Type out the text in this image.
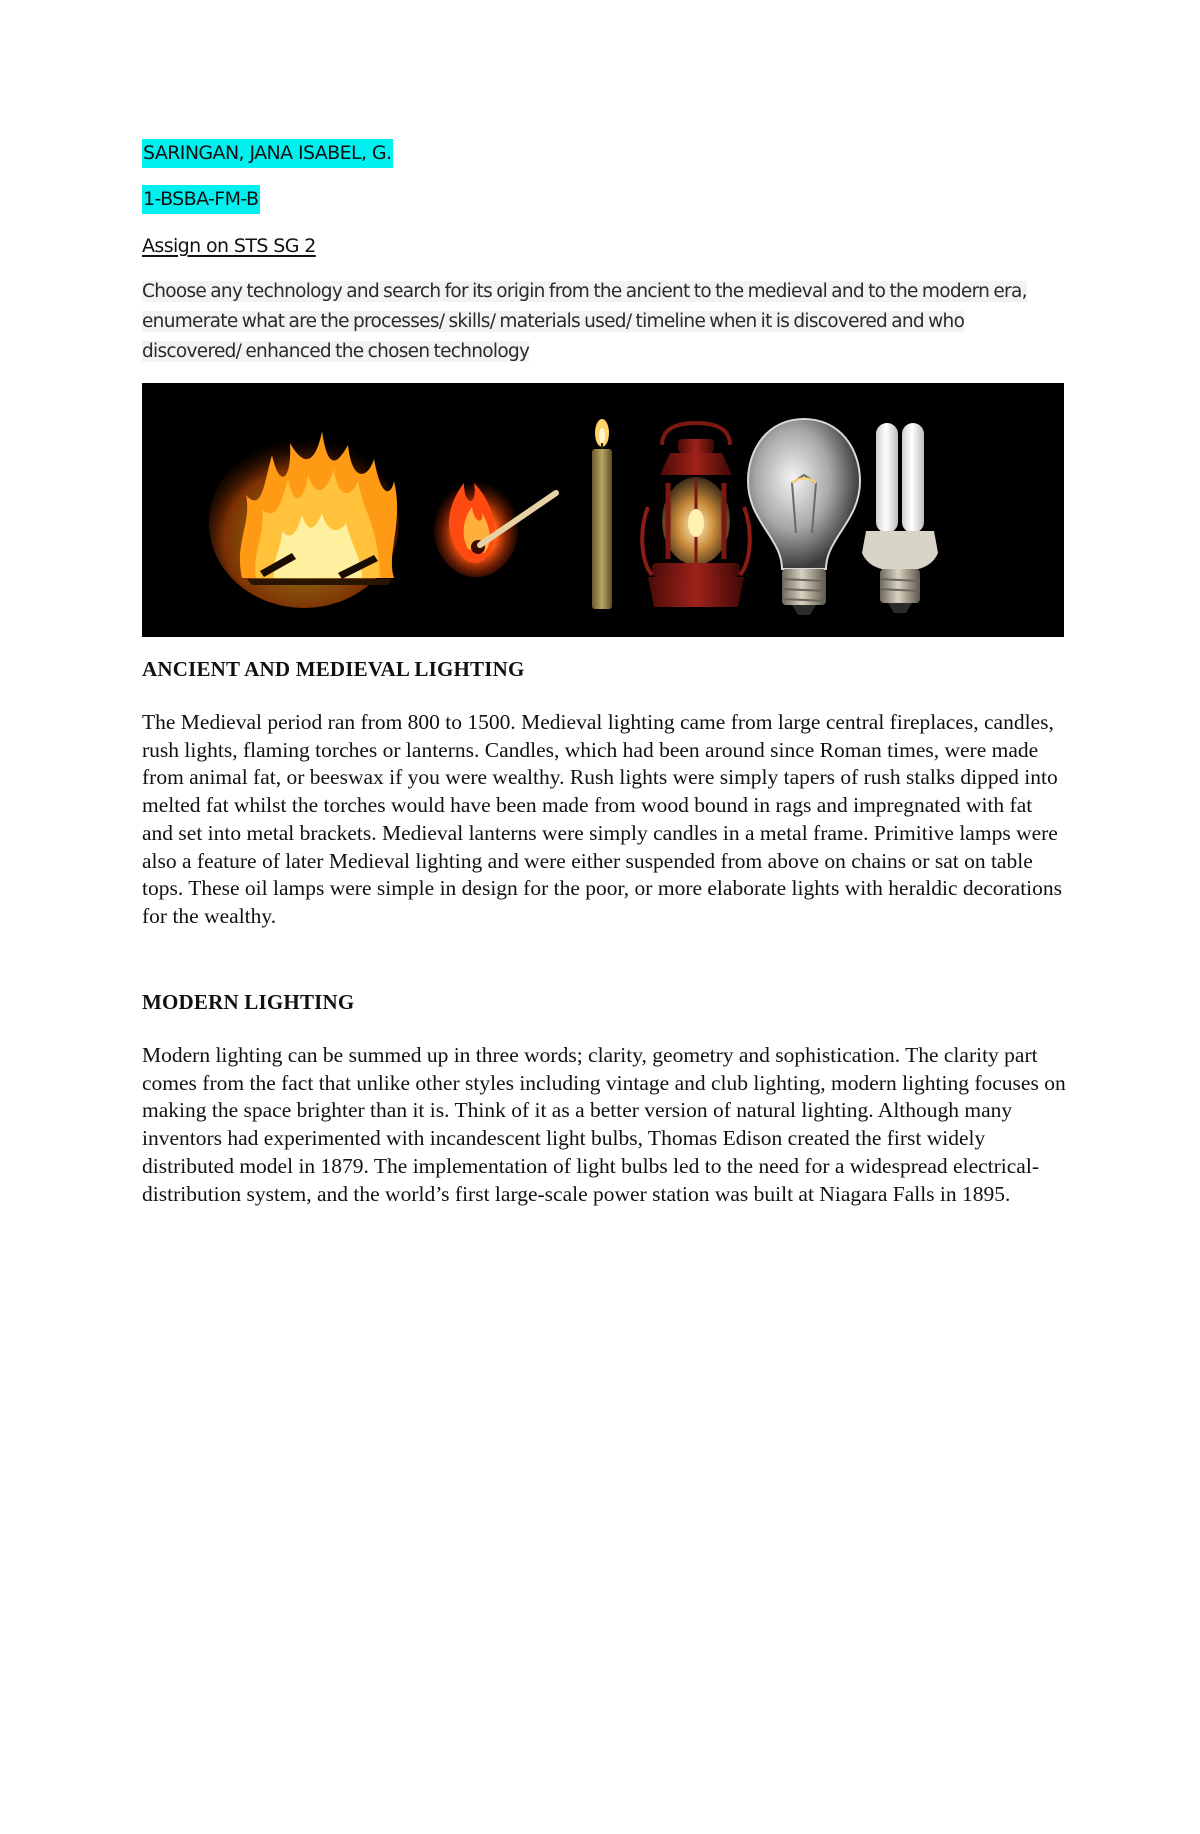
SARINGAN, JANA ISABEL, G.
1-BSBA-FM-B
Assign on STS SG 2
Choose any technology and search for its origin from the ancient to the medieval and to the modern era, enumerate what are the processes/ skills/ materials used/ timeline when it is discovered and who discovered/ enhanced the chosen technology
ANCIENT AND MEDIEVAL LIGHTING
The Medieval period ran from 800 to 1500. Medieval lighting came from large central fireplaces, candles, rush lights, flaming torches or lanterns. Candles, which had been around since Roman times, were made from animal fat, or beeswax if you were wealthy. Rush lights were simply tapers of rush stalks dipped into melted fat whilst the torches would have been made from wood bound in rags and impregnated with fat and set into metal brackets. Medieval lanterns were simply candles in a metal frame. Primitive lamps were also a feature of later Medieval lighting and were either suspended from above on chains or sat on table tops. These oil lamps were simple in design for the poor, or more elaborate lights with heraldic decorations for the wealthy.
MODERN LIGHTING
Modern lighting can be summed up in three words; clarity, geometry and sophistication. The clarity part comes from the fact that unlike other styles including vintage and club lighting, modern lighting focuses on making the space brighter than it is. Think of it as a better version of natural lighting. Although many inventors had experimented with incandescent light bulbs, Thomas Edison created the first widely distributed model in 1879. The implementation of light bulbs led to the need for a widespread electrical-distribution system, and the world’s first large-scale power station was built at Niagara Falls in 1895.
